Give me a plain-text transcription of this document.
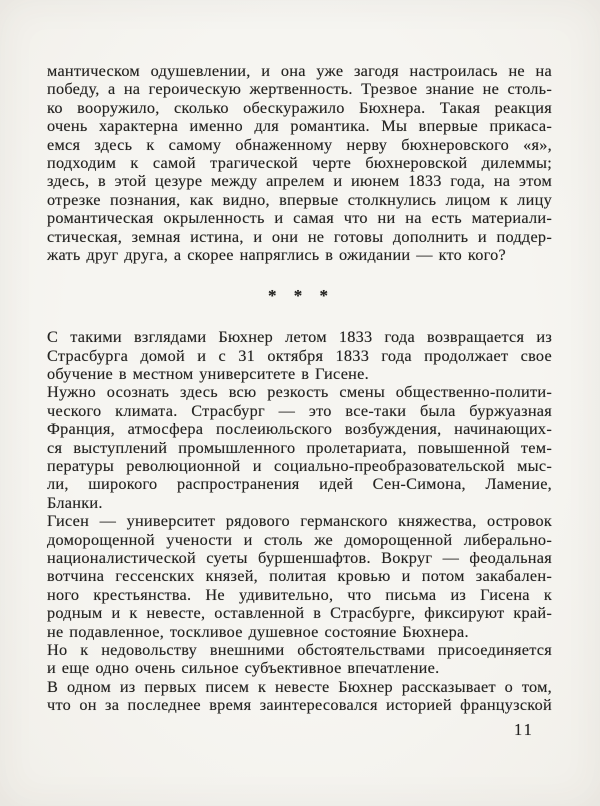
мантическом одушевлении, и она уже загодя настроилась не на
победу, а на героическую жертвенность. Трезвое знание не столь-
ко вооружило, сколько обескуражило Бюхнера. Такая реакция
очень характерна именно для романтика. Мы впервые прикаса-
емся здесь к самому обнаженному нерву бюхнеровского «я»,
подходим к самой трагической черте бюхнеровской дилеммы;
здесь, в этой цезуре между апрелем и июнем 1833 года, на этом
отрезке познания, как видно, впервые столкнулись лицом к лицу
романтическая окрыленность и самая что ни на есть материали-
стическая, земная истина, и они не готовы дополнить и поддер-
жать друг друга, а скорее напряглись в ожидании — кто кого?
* * *
С такими взглядами Бюхнер летом 1833 года возвращается из
Страсбурга домой и с 31 октября 1833 года продолжает свое
обучение в местном университете в Гисене.
Нужно осознать здесь всю резкость смены общественно-полити-
ческого климата. Страсбург — это все-таки была буржуазная
Франция, атмосфера послеиюльского возбуждения, начинающих-
ся выступлений промышленного пролетариата, повышенной тем-
пературы революционной и социально-преобразовательской мыс-
ли, широкого распространения идей Сен-Симона, Ламение,
Бланки.
Гисен — университет рядового германского княжества, островок
доморощенной учености и столь же доморощенной либерально-
националистической суеты буршеншафтов. Вокруг — феодальная
вотчина гессенских князей, политая кровью и потом закабален-
ного крестьянства. Не удивительно, что письма из Гисена к
родным и к невесте, оставленной в Страсбурге, фиксируют край-
не подавленное, тоскливое душевное состояние Бюхнера.
Но к недовольству внешними обстоятельствами присоединяется
и еще одно очень сильное субъективное впечатление.
В одном из первых писем к невесте Бюхнер рассказывает о том,
что он за последнее время заинтересовался историей французской
11
